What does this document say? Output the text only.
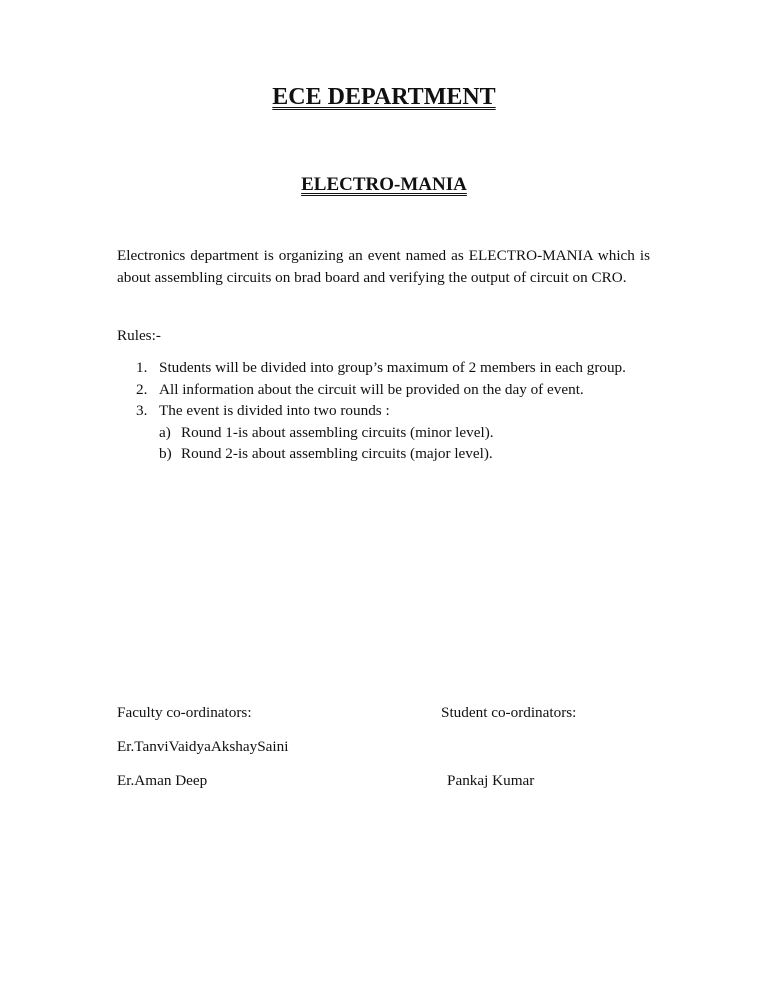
ECE DEPARTMENT
ELECTRO-MANIA

Electronics department is organizing an event named as ELECTRO-MANIA which is about assembling circuits on brad board and verifying the output of circuit on CRO.

Rules:-

1. Students will be divided into group’s maximum of 2 members in each group.
2. All information about the circuit will be provided on the day of event.
3. The event is divided into two rounds :
a) Round 1-is about assembling circuits (minor level).
b) Round 2-is about assembling circuits (major level).
Faculty co-ordinators:	Student co-ordinators:
Er.TanviVaidyaAkshaySaini
Er.Aman Deep	Pankaj Kumar
